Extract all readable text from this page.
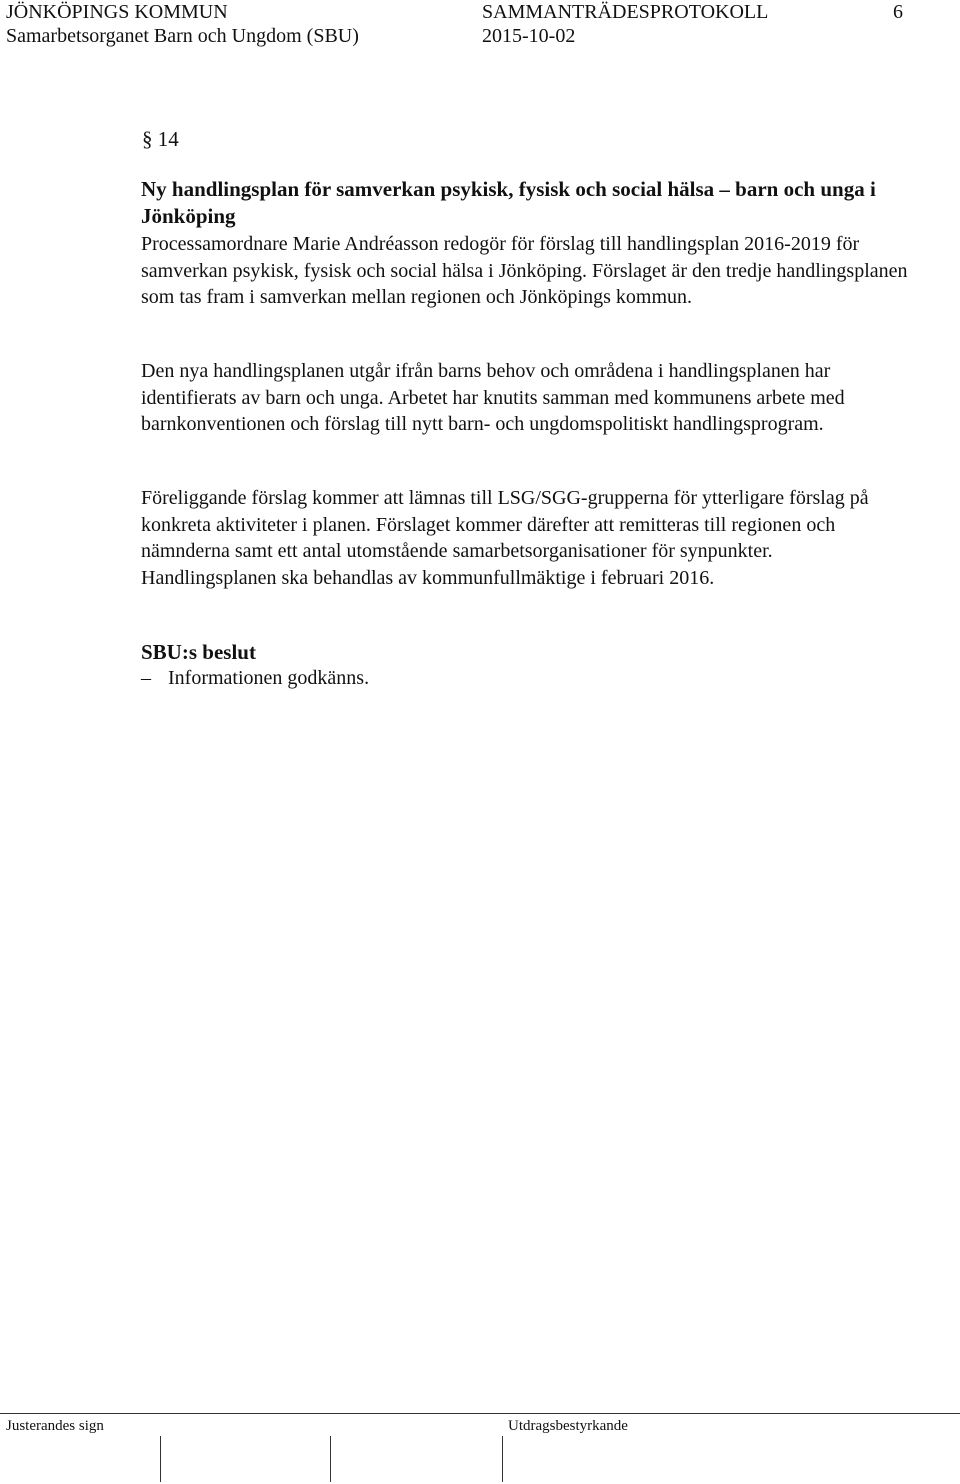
JÖNKÖPINGS KOMMUN
Samarbetsorganet Barn och Ungdom (SBU)
SAMMANTRÄDESPROTOKOLL
2015-10-02
6
§ 14
Ny handlingsplan för samverkan psykisk, fysisk och social hälsa – barn och unga i Jönköping

Processamordnare Marie Andréasson redogör för förslag till handlingsplan 2016-2019 för samverkan psykisk, fysisk och social hälsa i Jönköping. Förslaget är den tredje handlingsplanen som tas fram i samverkan mellan regionen och Jönköpings kommun.

Den nya handlingsplanen utgår ifrån barns behov och områdena i handlingsplanen har identifierats av barn och unga. Arbetet har knutits samman med kommunens arbete med barnkonventionen och förslag till nytt barn- och ungdomspolitiskt handlingsprogram.

Föreliggande förslag kommer att lämnas till LSG/SGG-grupperna för ytterligare förslag på konkreta aktiviteter i planen. Förslaget kommer därefter att remitteras till regionen och nämnderna samt ett antal utomstående samarbetsorganisationer för synpunkter. Handlingsplanen ska behandlas av kommunfullmäktige i februari 2016.

SBU:s beslut
– Informationen godkänns.
Justerandes sign	Utdragsbestyrkande
